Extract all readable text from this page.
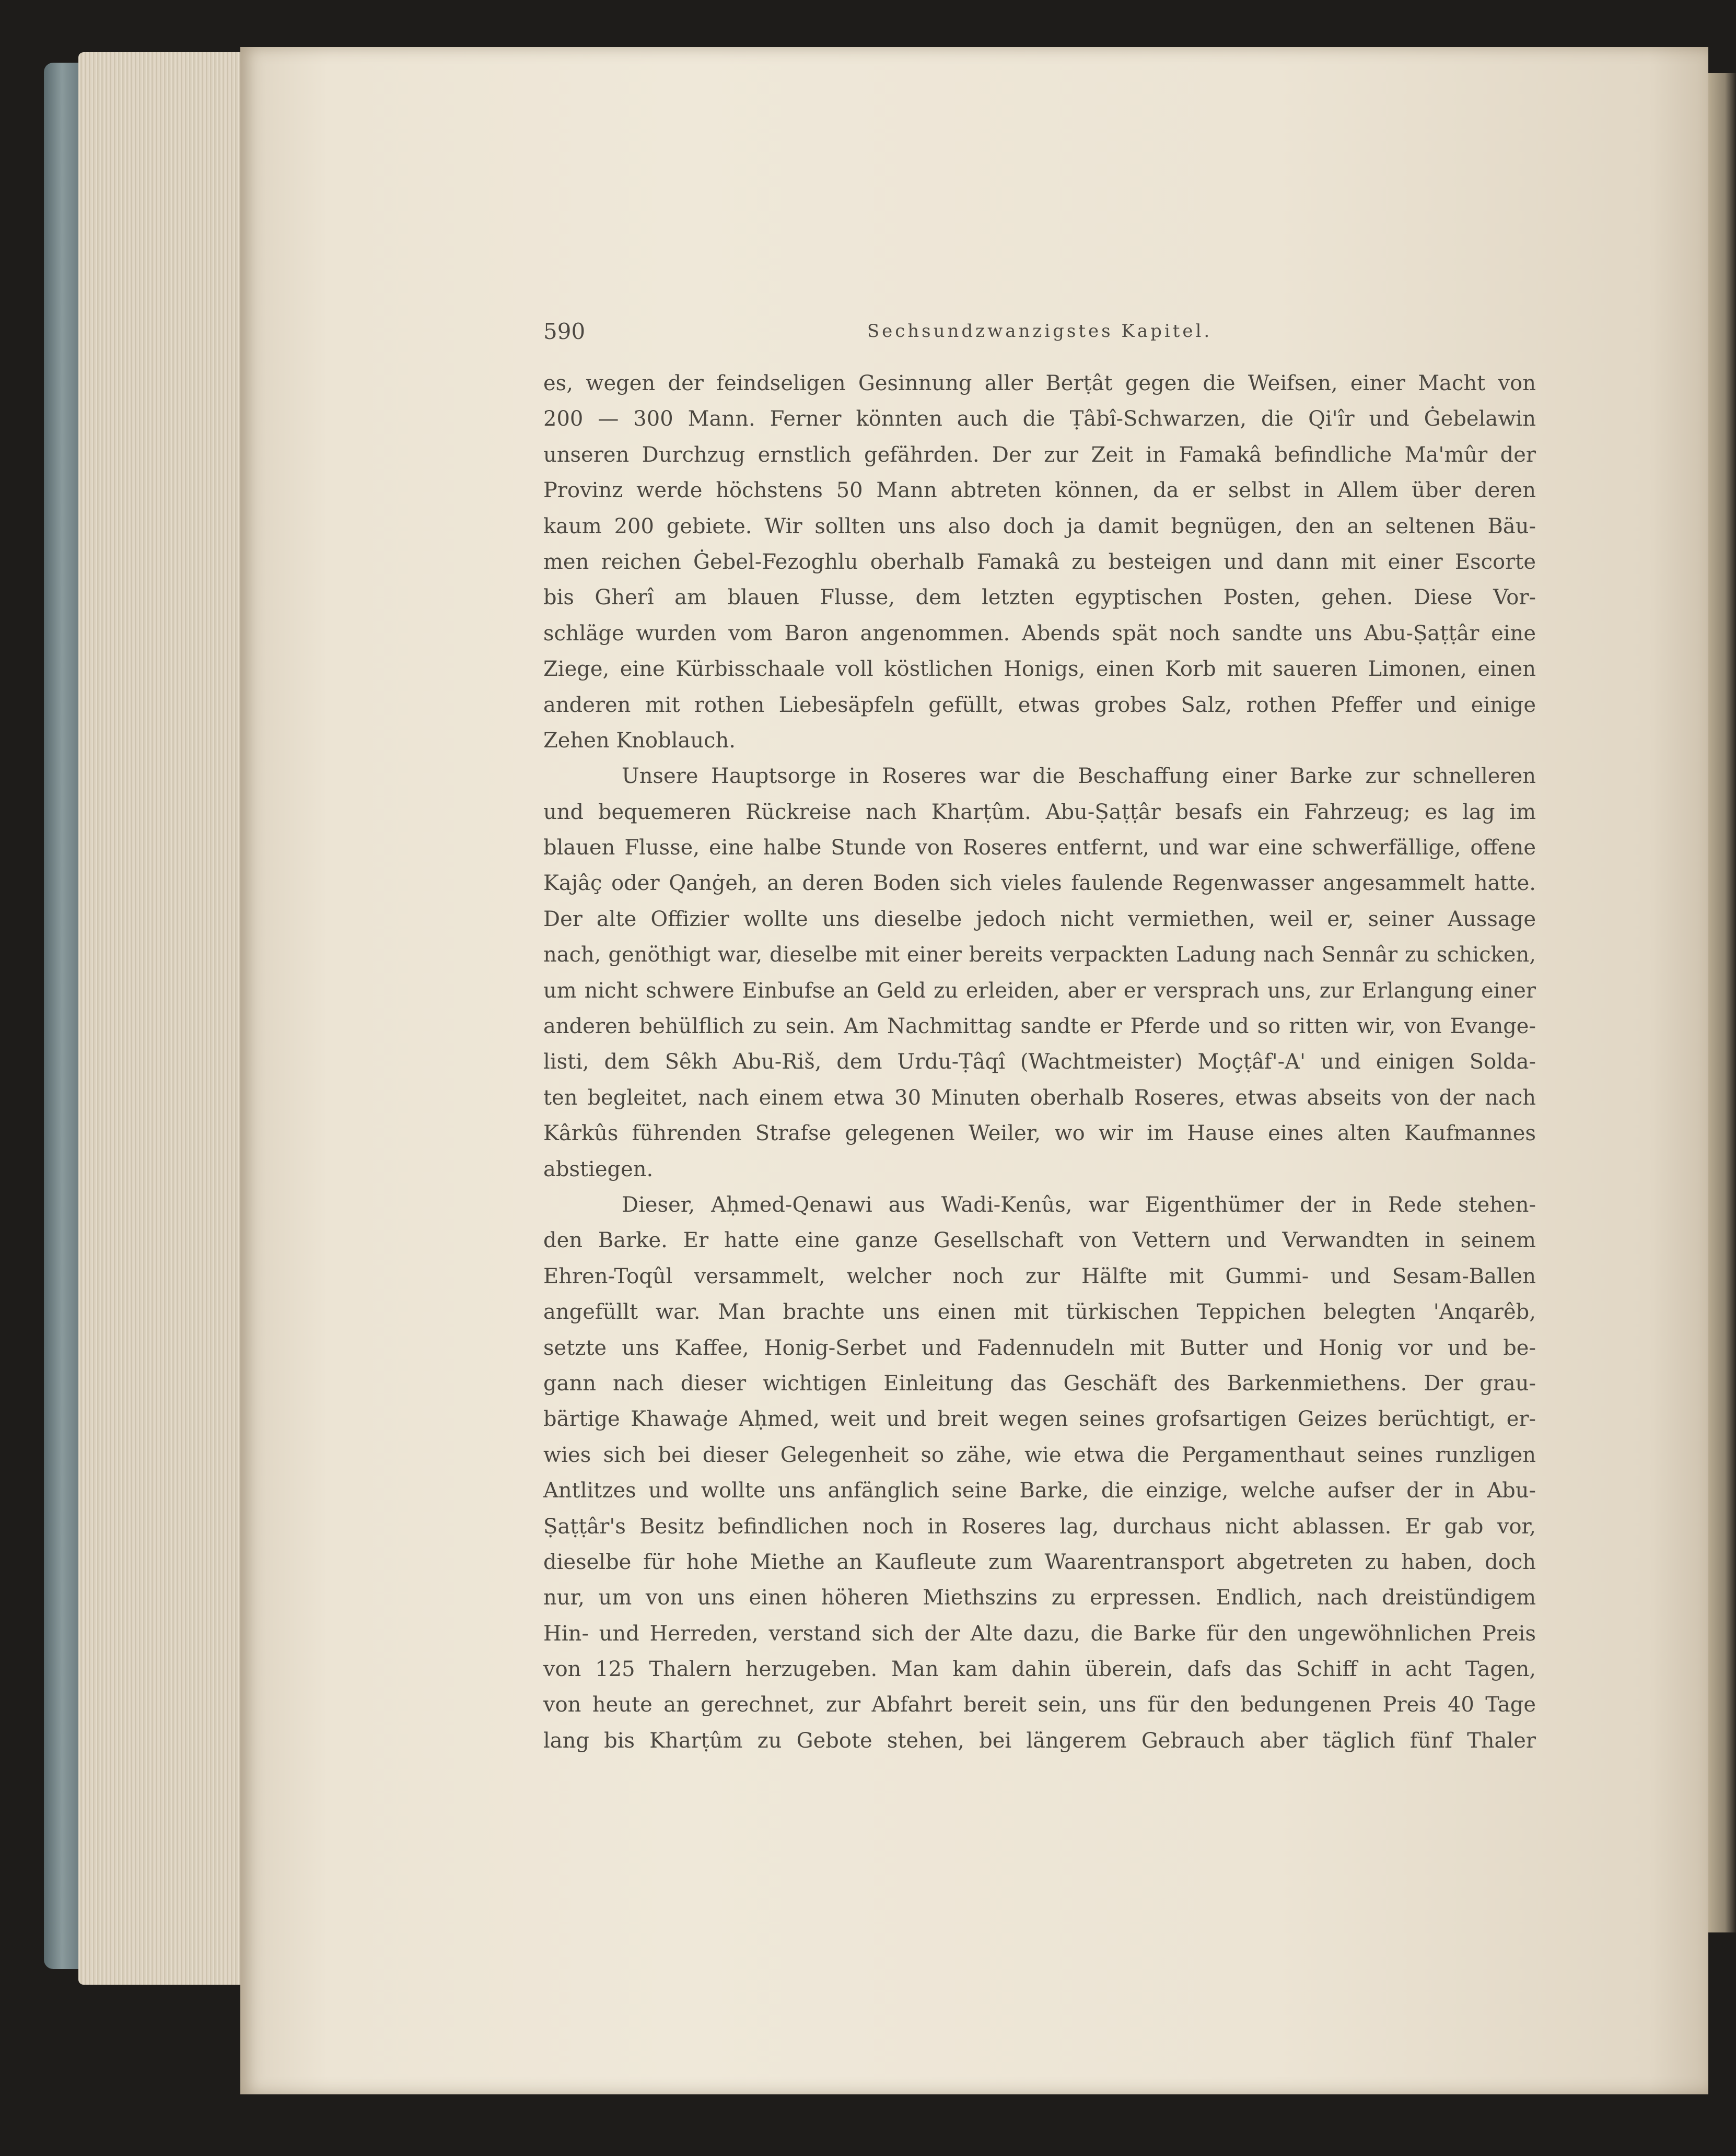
590	Sechsundzwanzigstes Kapitel.
es, wegen der feindseligen Gesinnung aller Berṭât gegen die Weifsen, einer Macht von
200 — 300 Mann. Ferner könnten auch die Ṭâbî-Schwarzen, die Qi'îr und Ġebelawin
unseren Durchzug ernstlich gefährden. Der zur Zeit in Famakâ befindliche Ma'mûr der
Provinz werde höchstens 50 Mann abtreten können, da er selbst in Allem über deren
kaum 200 gebiete. Wir sollten uns also doch ja damit begnügen, den an seltenen Bäu-
men reichen Ġebel-Fezoghlu oberhalb Famakâ zu besteigen und dann mit einer Escorte
bis Gherî am blauen Flusse, dem letzten egyptischen Posten, gehen. Diese Vor-
schläge wurden vom Baron angenommen. Abends spät noch sandte uns Abu-Ṣaṭṭâr eine
Ziege, eine Kürbisschaale voll köstlichen Honigs, einen Korb mit saueren Limonen, einen
anderen mit rothen Liebesäpfeln gefüllt, etwas grobes Salz, rothen Pfeffer und einige
Zehen Knoblauch.
Unsere Hauptsorge in Roseres war die Beschaffung einer Barke zur schnelleren
und bequemeren Rückreise nach Kharṭûm. Abu-Ṣaṭṭâr besafs ein Fahrzeug; es lag im
blauen Flusse, eine halbe Stunde von Roseres entfernt, und war eine schwerfällige, offene
Kajâç oder Qanġeh, an deren Boden sich vieles faulende Regenwasser angesammelt hatte.
Der alte Offizier wollte uns dieselbe jedoch nicht vermiethen, weil er, seiner Aussage
nach, genöthigt war, dieselbe mit einer bereits verpackten Ladung nach Sennâr zu schicken,
um nicht schwere Einbufse an Geld zu erleiden, aber er versprach uns, zur Erlangung einer
anderen behülflich zu sein. Am Nachmittag sandte er Pferde und so ritten wir, von Evange-
listi, dem Sêkh Abu-Riš, dem Urdu-Ṭâqî (Wachtmeister) Moçṭâf'-A' und einigen Solda-
ten begleitet, nach einem etwa 30 Minuten oberhalb Roseres, etwas abseits von der nach
Kârkûs führenden Strafse gelegenen Weiler, wo wir im Hause eines alten Kaufmannes
abstiegen.
Dieser, Aḥmed-Qenawi aus Wadi-Kenûs, war Eigenthümer der in Rede stehen-
den Barke. Er hatte eine ganze Gesellschaft von Vettern und Verwandten in seinem
Ehren-Toqûl versammelt, welcher noch zur Hälfte mit Gummi- und Sesam-Ballen
angefüllt war. Man brachte uns einen mit türkischen Teppichen belegten 'Anqarêb,
setzte uns Kaffee, Honig-Serbet und Fadennudeln mit Butter und Honig vor und be-
gann nach dieser wichtigen Einleitung das Geschäft des Barkenmiethens. Der grau-
bärtige Khawaġe Aḥmed, weit und breit wegen seines grofsartigen Geizes berüchtigt, er-
wies sich bei dieser Gelegenheit so zähe, wie etwa die Pergamenthaut seines runzligen
Antlitzes und wollte uns anfänglich seine Barke, die einzige, welche aufser der in Abu-
Ṣaṭṭâr's Besitz befindlichen noch in Roseres lag, durchaus nicht ablassen. Er gab vor,
dieselbe für hohe Miethe an Kaufleute zum Waarentransport abgetreten zu haben, doch
nur, um von uns einen höheren Miethszins zu erpressen. Endlich, nach dreistündigem
Hin- und Herreden, verstand sich der Alte dazu, die Barke für den ungewöhnlichen Preis
von 125 Thalern herzugeben. Man kam dahin überein, dafs das Schiff in acht Tagen,
von heute an gerechnet, zur Abfahrt bereit sein, uns für den bedungenen Preis 40 Tage
lang bis Kharṭûm zu Gebote stehen, bei längerem Gebrauch aber täglich fünf Thaler
